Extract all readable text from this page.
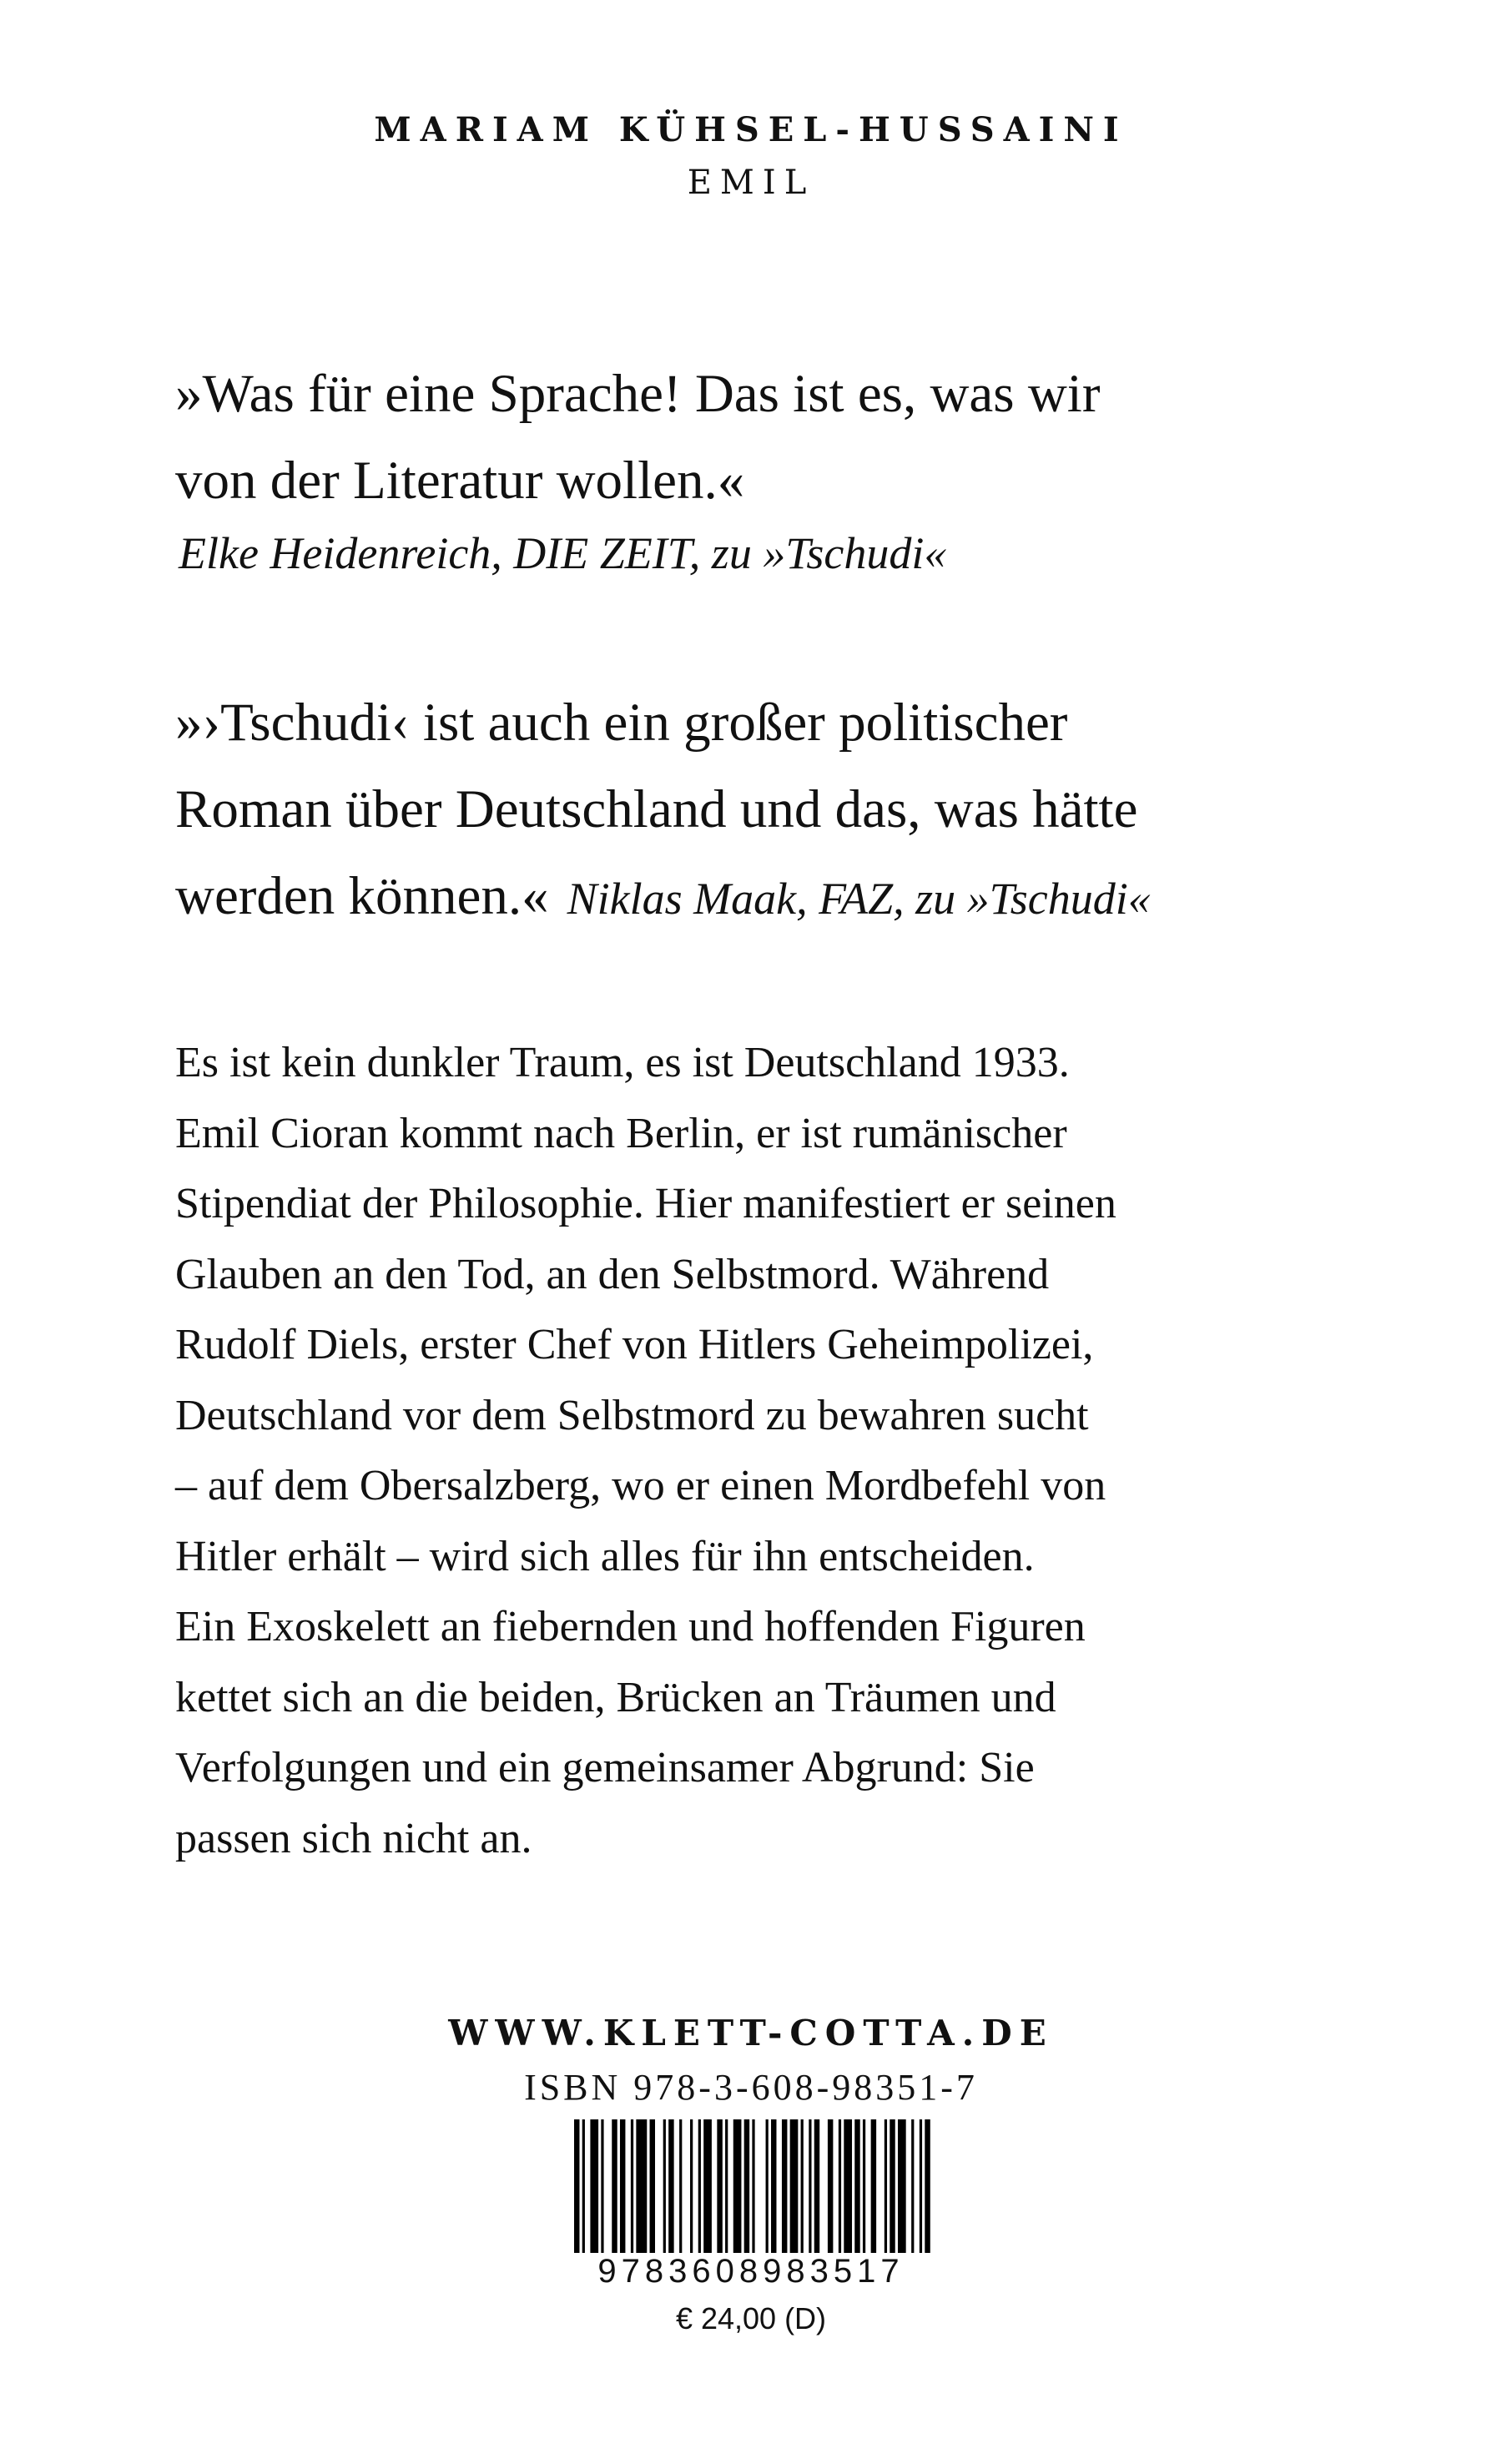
MARIAM KÜHSEL-HUSSAINI
EMIL
»Was für eine Sprache! Das ist es, was wir
von der Literatur wollen.«
Elke Heidenreich, DIE ZEIT, zu »Tschudi«
»›Tschudi‹ ist auch ein großer politischer
Roman über Deutschland und das, was hätte
werden können.« Niklas Maak, FAZ, zu »Tschudi«
Es ist kein dunkler Traum, es ist Deutschland 1933.
Emil Cioran kommt nach Berlin, er ist rumänischer
Stipendiat der Philosophie. Hier manifestiert er seinen
Glauben an den Tod, an den Selbstmord. Während
Rudolf Diels, erster Chef von Hitlers Geheimpolizei,
Deutschland vor dem Selbstmord zu bewahren sucht
– auf dem Obersalzberg, wo er einen Mordbefehl von
Hitler erhält – wird sich alles für ihn entscheiden.
Ein Exoskelett an fiebernden und hoffenden Figuren
kettet sich an die beiden, Brücken an Träumen und
Verfolgungen und ein gemeinsamer Abgrund: Sie
passen sich nicht an.
WWW.KLETT-COTTA.DE
ISBN 978-3-608-98351-7
9783608983517
€ 24,00 (D)
